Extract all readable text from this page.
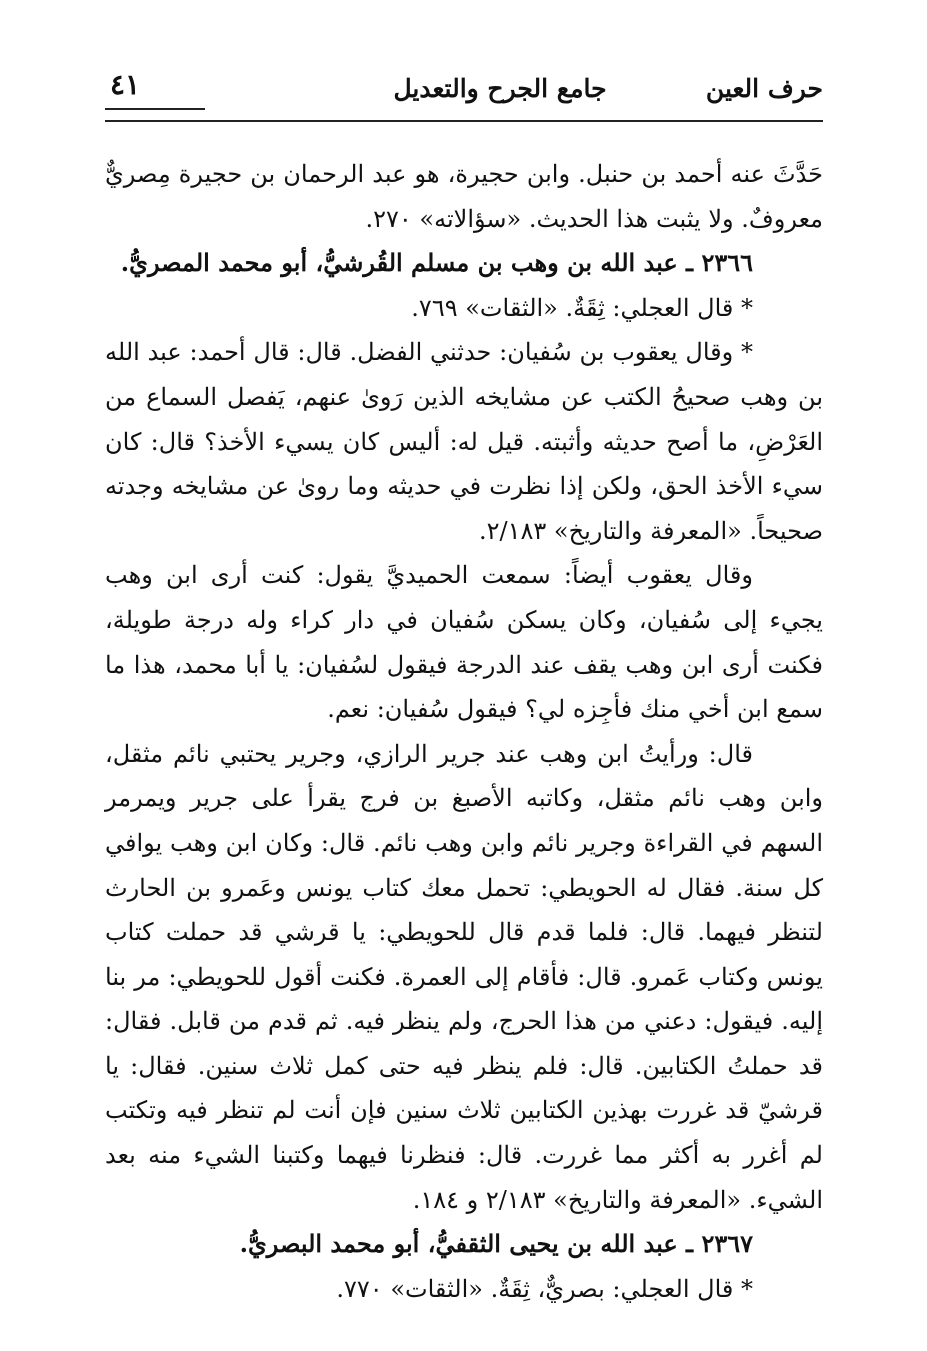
حرف العين
جامع الجرح والتعديل
٤١

حَدَّثَ عنه أحمد بن حنبل. وابن حجيرة، هو عبد الرحمان بن حجيرة مِصريٌّ معروفٌ. ولا يثبت هذا الحديث. «سؤالاته» ٢٧٠.

٢٣٦٦ ـ عبد الله بن وهب بن مسلم القُرشيُّ، أبو محمد المصريُّ.

* قال العجلي: ثِقَةٌ. «الثقات» ٧٦٩.

* وقال يعقوب بن سُفيان: حدثني الفضل. قال: قال أحمد: عبد الله بن وهب صحيحُ الكتب عن مشايخه الذين رَوىٰ عنهم، يَفصل السماع من العَرْضِ، ما أصح حديثه وأثبته. قيل له: أليس كان يسيء الأخذ؟ قال: كان سيء الأخذ الحق، ولكن إذا نظرت في حديثه وما روىٰ عن مشايخه وجدته صحيحاً. «المعرفة والتاريخ» ٢/١٨٣.

وقال يعقوب أيضاً: سمعت الحميديَّ يقول: كنت أرى ابن وهب يجيء إلى سُفيان، وكان يسكن سُفيان في دار كراء وله درجة طويلة، فكنت أرى ابن وهب يقف عند الدرجة فيقول لسُفيان: يا أبا محمد، هذا ما سمع ابن أخي منك فأجِزه لي؟ فيقول سُفيان: نعم.

قال: ورأيتُ ابن وهب عند جرير الرازي، وجرير يحتبي نائم مثقل، وابن وهب نائم مثقل، وكاتبه الأصبغ بن فرج يقرأ على جرير ويمرمر السهم في القراءة وجرير نائم وابن وهب نائم. قال: وكان ابن وهب يوافي كل سنة. فقال له الحويطي: تحمل معك كتاب يونس وعَمرو بن الحارث لتنظر فيهما. قال: فلما قدم قال للحويطي: يا قرشي قد حملت كتاب يونس وكتاب عَمرو. قال: فأقام إلى العمرة. فكنت أقول للحويطي: مر بنا إليه. فيقول: دعني من هذا الحرج، ولم ينظر فيه. ثم قدم من قابل. فقال: قد حملتُ الكتابين. قال: فلم ينظر فيه حتى كمل ثلاث سنين. فقال: يا قرشيّ قد غررت بهذين الكتابين ثلاث سنين فإن أنت لم تنظر فيه وتكتب لم أغرر به أكثر مما غررت. قال: فنظرنا فيهما وكتبنا الشيء منه بعد الشيء. «المعرفة والتاريخ» ٢/١٨٣ و ١٨٤.

٢٣٦٧ ـ عبد الله بن يحيى الثقفيُّ، أبو محمد البصريُّ.

* قال العجلي: بصريٌّ، ثِقَةٌ. «الثقات» ٧٧٠.
